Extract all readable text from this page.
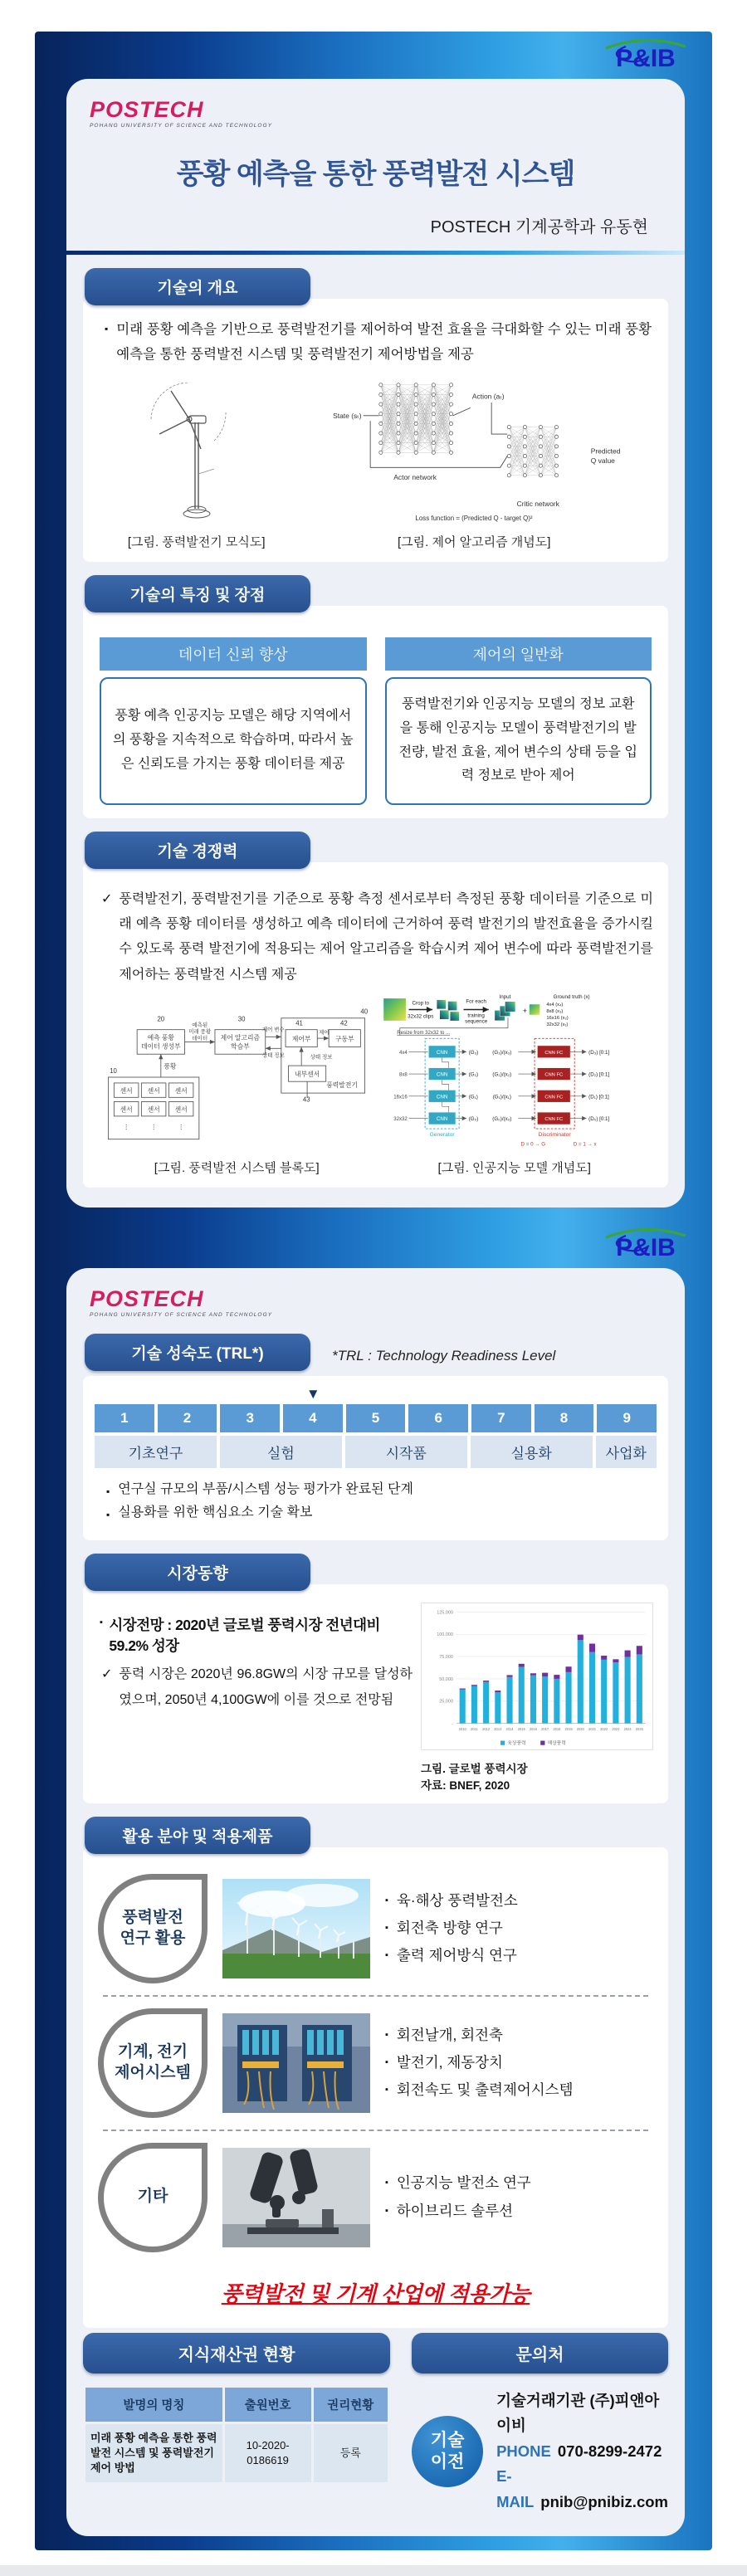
P&IB
POSTECH
POHANG UNIVERSITY OF SCIENCE AND TECHNOLOGY
풍황 예측을 통한 풍력발전 시스템
POSTECH 기계공학과 유동현
기술의 개요
▪ 미래 풍황 예측을 기반으로 풍력발전기를 제어하여 발전 효율을 극대화할 수 있는 미래 풍황 예측을 통한 풍력발전 시스템 및 풍력발전기 제어방법을 제공
[그림. 풍력발전기 모식도]
State (sₜ)
Action (aₜ)
Actor network
Critic network
Predicted
Q value
Loss function = (Predicted Q - target Q)²
[그림. 제어 알고리즘 개념도]
기술의 특징 및 장점
데이터 신뢰 향상
풍황 예측 인공지능 모델은 해당 지역에서의 풍황을 지속적으로 학습하며, 따라서 높은 신뢰도를 가지는 풍황 데이터를 제공
제어의 일반화
풍력발전기와 인공지능 모델의 정보 교환을 통해 인공지능 모델이 풍력발전기의 발전량, 발전 효율, 제어 변수의 상태 등을 입력 정보로 받아 제어
기술 경쟁력
✓ 풍력발전기, 풍력발전기를 기준으로 풍황 측정 센서로부터 측정된 풍황 데이터를 기준으로 미래 예측 풍황 데이터를 생성하고 예측 데이터에 근거하여 풍력 발전기의 발전효율을 증가시킬 수 있도록 풍력 발전기에 적용되는 제어 알고리즘을 학습시켜 제어 변수에 따라 풍력발전기를 제어하는 풍력발전 시스템 제공
10
센서 센서 센서
센서 센서 센서
⋮	⋮	⋮
예측 풍황
데이터 생성부
20
풍황
제어 알고리즘
학습부
30
예측된
미래 풍황
데이터
40
풍력발전기
제어부
41
구동부
42
제어
내부센서
43
상태 정보
제어 변수
상태 정보
[그림. 풍력발전 시스템 블록도]
Crop to
32x32 clips
For each
training
sequence
Input
+
Ground truth (x)
4x4 (x₄)
8x8 (x₃)
16x16 (x₂)
32x32 (x₁)
Resize from 32x32 to ...
4x4	CNN	(G₃) (G₃)/(x₃)	CNN FC	(D₃) [0:1]
8x8	CNN	(G₂) (G₂)/(x₂)	CNN FC	(D₂) [0:1]
16x16	CNN	(G₁)	(G₁)/(x₁)	CNN FC	(D₁) [0:1]
32x32	CNN	(G₀) (G₀)/(x₀)	CNN FC	(D₀) [0:1]
Generator	Discriminator
D = 0 → G	D = 1 → x
[그림. 인공지능 모델 개념도]
P&IB
POSTECH
POHANG UNIVERSITY OF SCIENCE AND TECHNOLOGY
기술 성숙도 (TRL*)	*TRL : Technology Readiness Level
▼
1	2	3	4	5	6	7	8	9
기초연구	실험	시작품	실용화	사업화
▪ 연구실 규모의 부품/시스템 성능 평가가 완료된 단계
▪ 실용화를 위한 핵심요소 기술 확보
시장동향
▪ 시장전망 : 2020년 글로벌 풍력시장 전년대비 59.2% 성장
✓ 풍력 시장은 2020년 96.8GW의 시장 규모를 달성하였으며, 2050년 4,100GW에 이를 것으로 전망됨
-
25,000
50,000
75,000
100,000
125,000
2010 2011 2012 2013 2014 2015 2016 2017 2018 2019 2020 2021 2022 2023 2024 2025
육상풍력	해상풍력
그림. 글로벌 풍력시장
자료: BNEF, 2020
활용 분야 및 적용제품
풍력발전
연구 활용
▪ 육·해상 풍력발전소
▪ 회전축 방향 연구
▪ 출력 제어방식 연구
기계, 전기
제어시스템
▪ 회전날개, 회전축
▪ 발전기, 제동장치
▪ 회전속도 및 출력제어시스템
기타
▪ 인공지능 발전소 연구
▪ 하이브리드 솔루션
풍력발전 및 기계 산업에 적용가능
지식재산권 현황
발명의 명칭	출원번호	권리현황
미래 풍황 예측을 통한 풍력발전 시스템 및 풍력발전기 제어 방법	10-2020-0186619	등록
문의처
기술
이전
기술거래기관 (주)피앤아이비
PHONE 070-8299-2472
E-MAIL pnib@pnibiz.com
